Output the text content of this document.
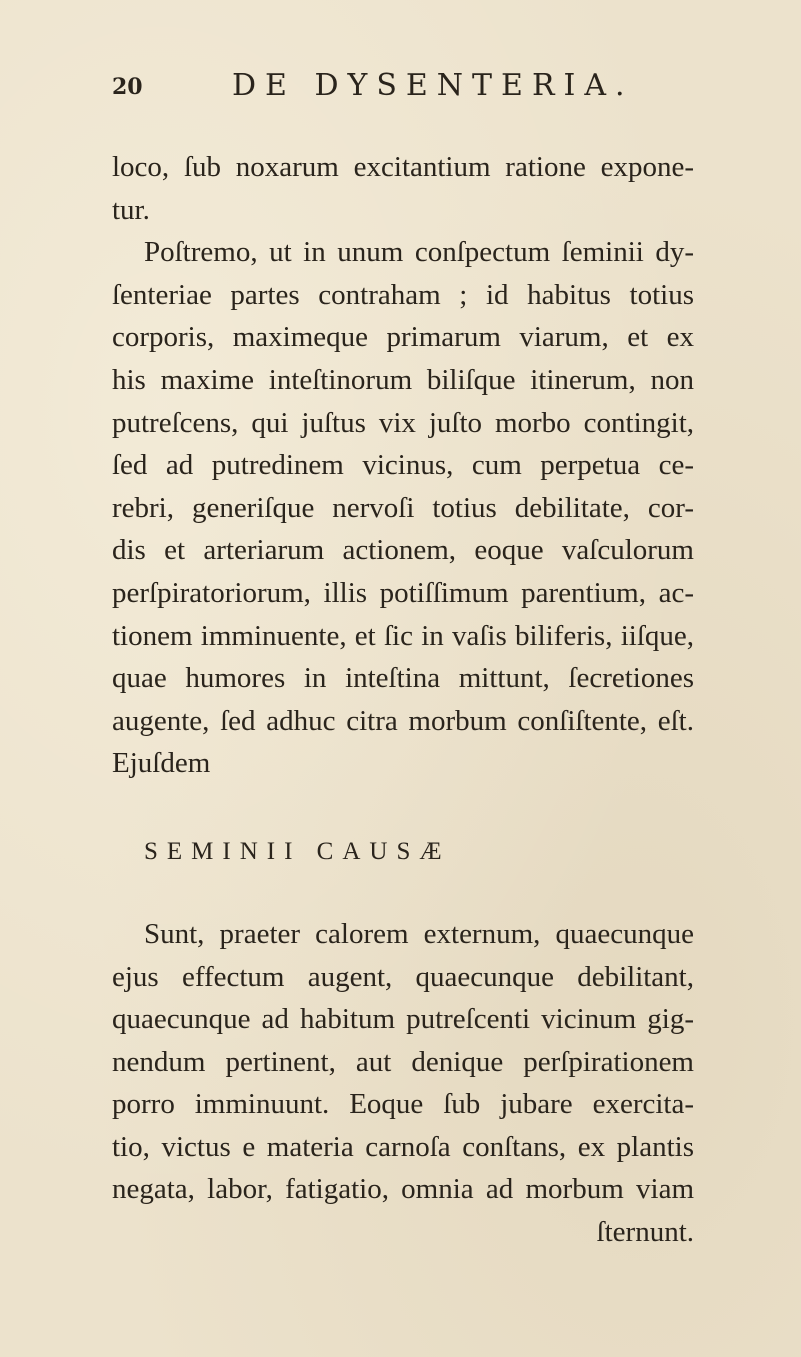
20	DE DYSENTERIA.
loco, ſub noxarum excitantium ratione expone-
tur.
Poſtremo, ut in unum conſpectum ſeminii dy-
ſenteriae partes contraham ; id habitus totius
corporis, maximeque primarum viarum, et ex
his maxime inteſtinorum biliſque itinerum, non
putreſcens, qui juſtus vix juſto morbo contingit,
ſed ad putredinem vicinus, cum perpetua ce-
rebri, generiſque nervoſi totius debilitate, cor-
dis et arteriarum actionem, eoque vaſculorum
perſpiratoriorum, illis potiſſimum parentium, ac-
tionem imminuente, et ſic in vaſis biliferis, iiſque,
quae humores in inteſtina mittunt, ſecretiones
augente, ſed adhuc citra morbum conſiſtente, eſt.
Ejuſdem
SEMINII CAUSÆ
Sunt, praeter calorem externum, quaecunque
ejus effectum augent, quaecunque debilitant,
quaecunque ad habitum putreſcenti vicinum gig-
nendum pertinent, aut denique perſpirationem
porro imminuunt. Eoque ſub jubare exercita-
tio, victus e materia carnoſa conſtans, ex plantis
negata, labor, fatigatio, omnia ad morbum viam
ſternunt.
